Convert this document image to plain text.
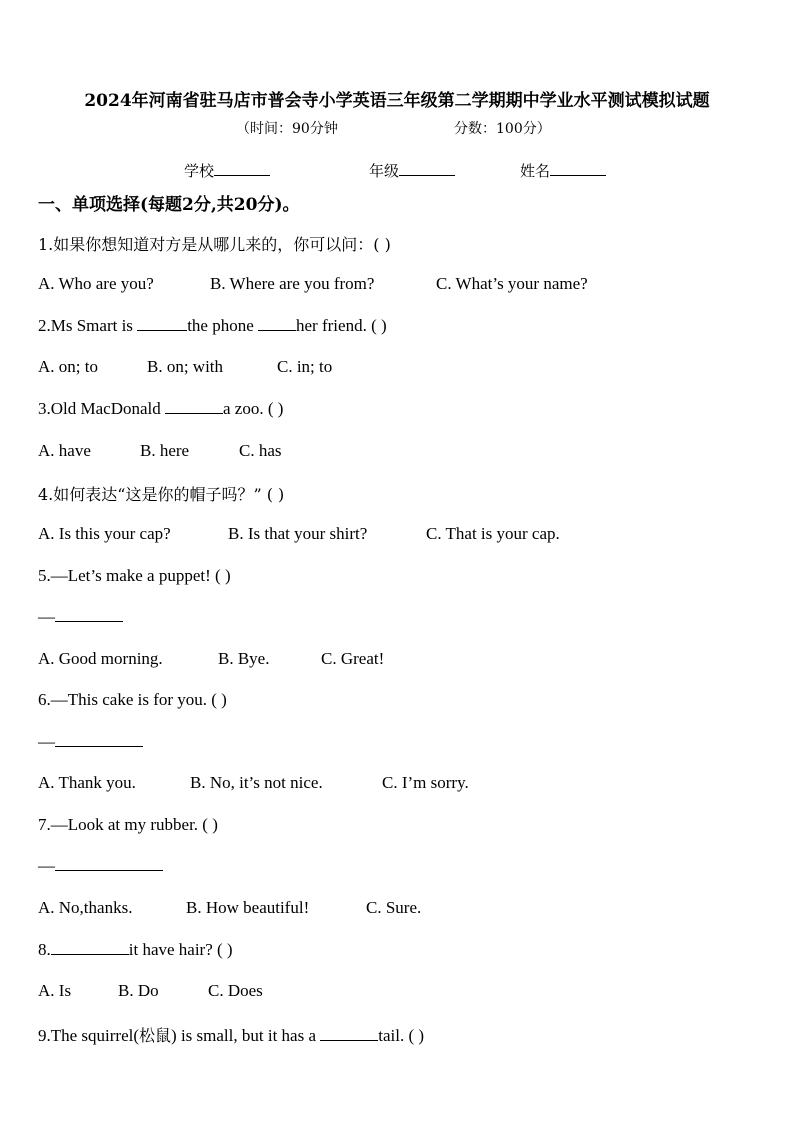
2024年河南省驻马店市普会寺小学英语三年级第二学期期中学业水平测试模拟试题
（时间：90分钟	分数：100分）
学校	年级	姓名
一、单项选择(每题2分,共20分)。
1.如果你想知道对方是从哪儿来的，你可以问：( )
A. Who are you?	B. Where are you from?	C. What’s your name?
2.Ms Smart is	the phone her friend. ( )
A. on; to	B. on; with	C. in; to
3.Old MacDonald	a zoo. ( )
A. have	B. here	C. has
4.如何表达“这是你的帽子吗？” ( )
A. Is this your cap?	B. Is that your shirt?	C. That is your cap.
5.—Let’s make a puppet! ( )
—
A. Good morning.	B. Bye.	C. Great!
6.—This cake is for you. ( )
—
A. Thank you.	B. No, it’s not nice.	C. I’m sorry.
7.—Look at my rubber. ( )
—
A. No,thanks.	B. How beautiful!	C. Sure.
8.	it have hair? ( )
A. Is	B. Do	C. Does
9.The squirrel(松鼠) is small, but it has a	tail. ( )
